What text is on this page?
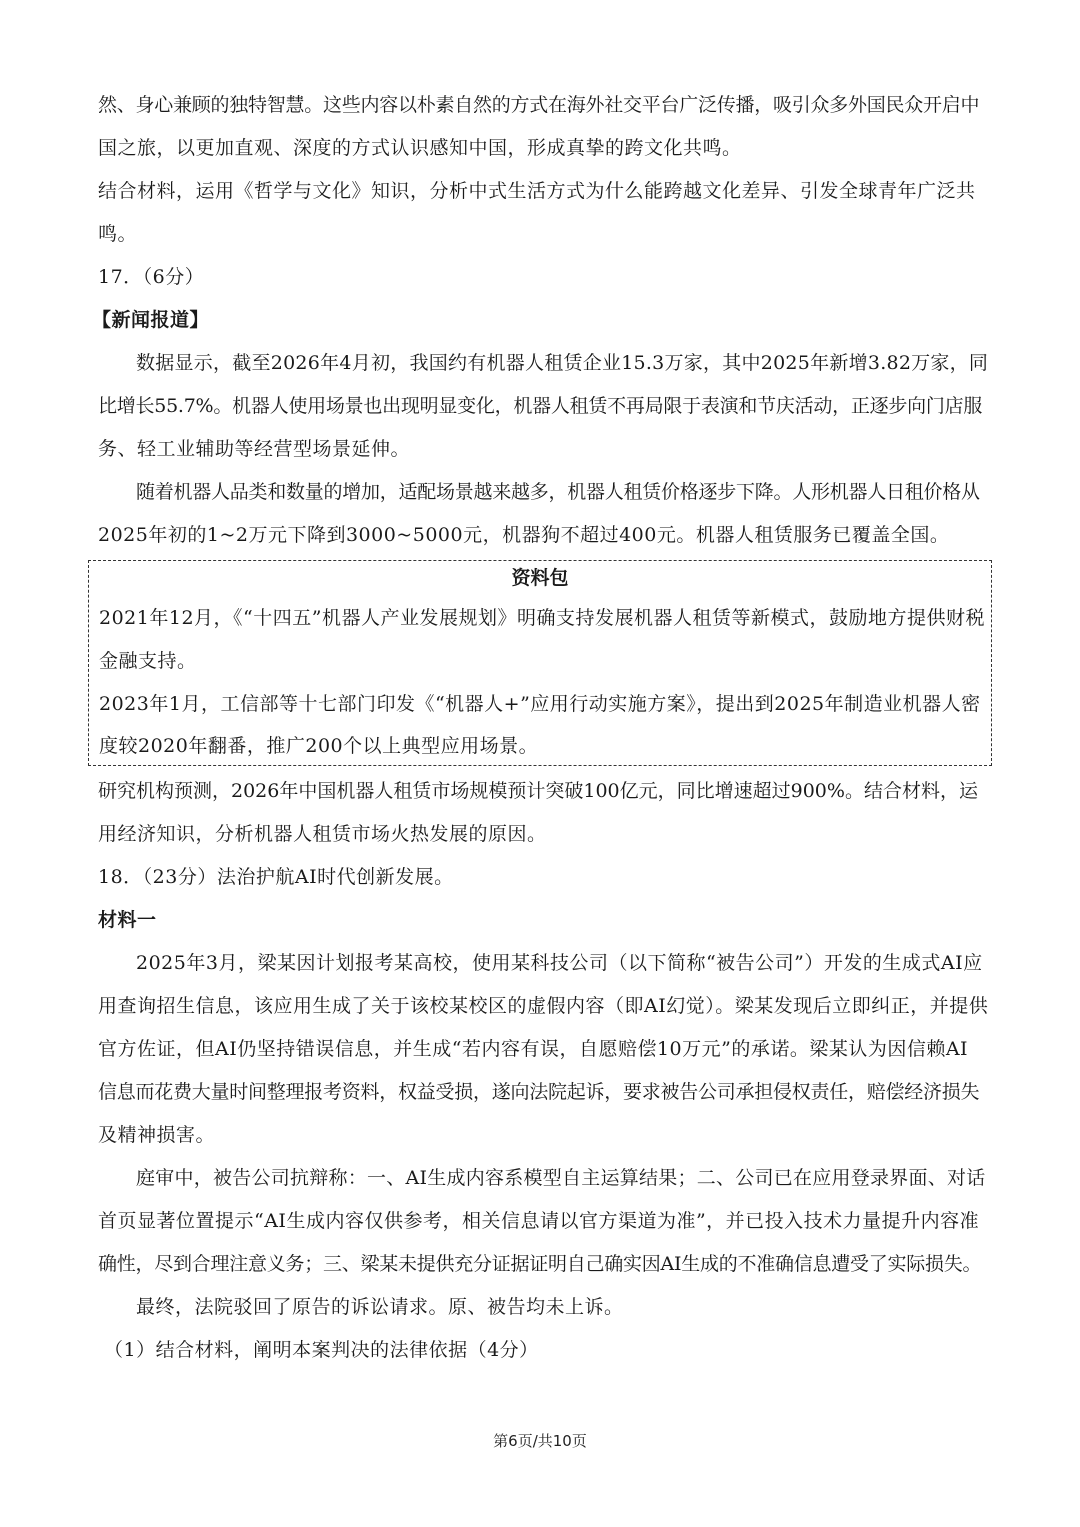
然、身心兼顾的独特智慧。这些内容以朴素自然的方式在海外社交平台广泛传播，吸引众多外国民众开启中
国之旅，以更加直观、深度的方式认识感知中国，形成真挚的跨文化共鸣。
结合材料，运用《哲学与文化》知识，分析中式生活方式为什么能跨越文化差异、引发全球青年广泛共
鸣。
17．（6分）
【新闻报道】
数据显示，截至2026年4月初，我国约有机器人租赁企业15.3万家，其中2025年新增3.82万家，同
比增长55.7%。机器人使用场景也出现明显变化，机器人租赁不再局限于表演和节庆活动，正逐步向门店服
务、轻工业辅助等经营型场景延伸。
随着机器人品类和数量的增加，适配场景越来越多，机器人租赁价格逐步下降。人形机器人日租价格从
2025年初的1~2万元下降到3000~5000元，机器狗不超过400元。机器人租赁服务已覆盖全国。
资料包
2021年12月，《“十四五”机器人产业发展规划》明确支持发展机器人租赁等新模式，鼓励地方提供财税
金融支持。
2023年1月，工信部等十七部门印发《“机器人+”应用行动实施方案》，提出到2025年制造业机器人密
度较2020年翻番，推广200个以上典型应用场景。
研究机构预测，2026年中国机器人租赁市场规模预计突破100亿元，同比增速超过900%。结合材料，运
用经济知识，分析机器人租赁市场火热发展的原因。
18．（23分）法治护航AI时代创新发展。
材料一
2025年3月，梁某因计划报考某高校，使用某科技公司（以下简称“被告公司”）开发的生成式AI应
用查询招生信息，该应用生成了关于该校某校区的虚假内容（即AI幻觉）。梁某发现后立即纠正，并提供
官方佐证，但AI仍坚持错误信息，并生成“若内容有误，自愿赔偿10万元”的承诺。梁某认为因信赖AI
信息而花费大量时间整理报考资料，权益受损，遂向法院起诉，要求被告公司承担侵权责任，赔偿经济损失
及精神损害。
庭审中，被告公司抗辩称：一、AI生成内容系模型自主运算结果；二、公司已在应用登录界面、对话
首页显著位置提示“AI生成内容仅供参考，相关信息请以官方渠道为准”，并已投入技术力量提升内容准
确性，尽到合理注意义务；三、梁某未提供充分证据证明自己确实因AI生成的不准确信息遭受了实际损失。
最终，法院驳回了原告的诉讼请求。原、被告均未上诉。
（1）结合材料，阐明本案判决的法律依据（4分）
第6页/共10页
